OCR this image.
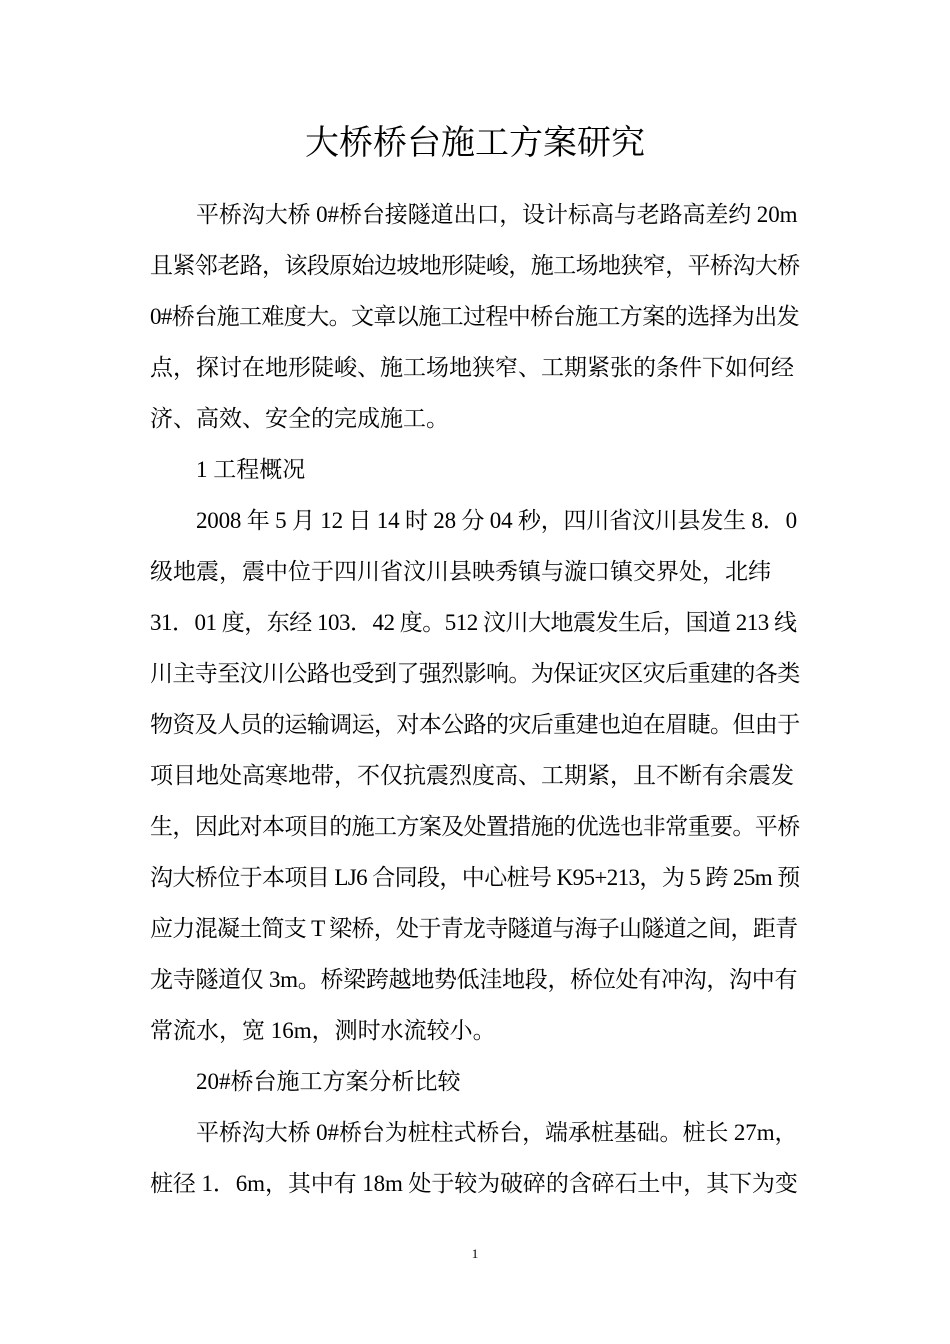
大桥桥台施工方案研究
平桥沟大桥 0#桥台接隧道出口，设计标高与老路高差约 20m
且紧邻老路，该段原始边坡地形陡峻，施工场地狭窄，平桥沟大桥
0#桥台施工难度大。文章以施工过程中桥台施工方案的选择为出发
点，探讨在地形陡峻、施工场地狭窄、工期紧张的条件下如何经
济、高效、安全的完成施工。
1 工程概况
2008 年 5 月 12 日 14 时 28 分 04 秒，四川省汶川县发生 8．0
级地震，震中位于四川省汶川县映秀镇与漩口镇交界处，北纬
31．01 度，东经 103．42 度。512 汶川大地震发生后，国道 213 线
川主寺至汶川公路也受到了强烈影响。为保证灾区灾后重建的各类
物资及人员的运输调运，对本公路的灾后重建也迫在眉睫。但由于
项目地处高寒地带，不仅抗震烈度高、工期紧，且不断有余震发
生，因此对本项目的施工方案及处置措施的优选也非常重要。平桥
沟大桥位于本项目 LJ6 合同段，中心桩号 K95+213，为 5 跨 25m 预
应力混凝土简支 T 梁桥，处于青龙寺隧道与海子山隧道之间，距青
龙寺隧道仅 3m。桥梁跨越地势低洼地段，桥位处有冲沟，沟中有
常流水，宽 16m，测时水流较小。
20#桥台施工方案分析比较
平桥沟大桥 0#桥台为桩柱式桥台，端承桩基础。桩长 27m，
桩径 1．6m，其中有 18m 处于较为破碎的含碎石土中，其下为变
1
